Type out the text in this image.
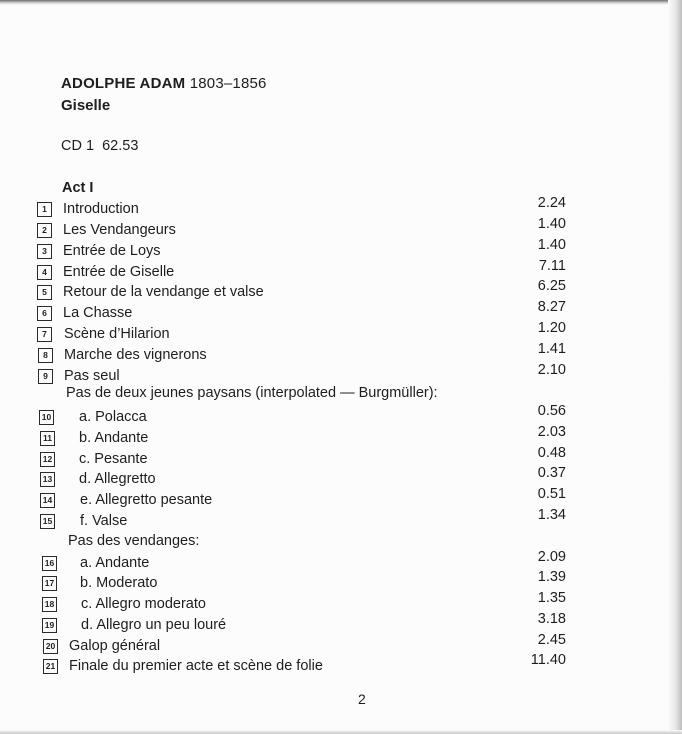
ADOLPHE ADAM 1803–1856
Giselle
CD 1 62.53
Act I
1	Introduction	2.24
2	Les Vendangeurs	1.40
3	Entrée de Loys	1.40
4	Entrée de Giselle	7.11
5	Retour de la vendange et valse	6.25
6	La Chasse	8.27
7	Scène d’Hilarion	1.20
8	Marche des vignerons	1.41
9	Pas seul	2.10
Pas de deux jeunes paysans (interpolated — Burgmüller):
10 a. Polacca	0.56
11 b. Andante	2.03
12 c. Pesante	0.48
13 d. Allegretto	0.37
14 e. Allegretto pesante	0.51
15 f. Valse	1.34
Pas des vendanges:
16 a. Andante	2.09
17 b. Moderato	1.39
18 c. Allegro moderato	1.35
19 d. Allegro un peu louré	3.18
20 Galop général	2.45
21 Finale du premier acte et scène de folie	11.40
2
